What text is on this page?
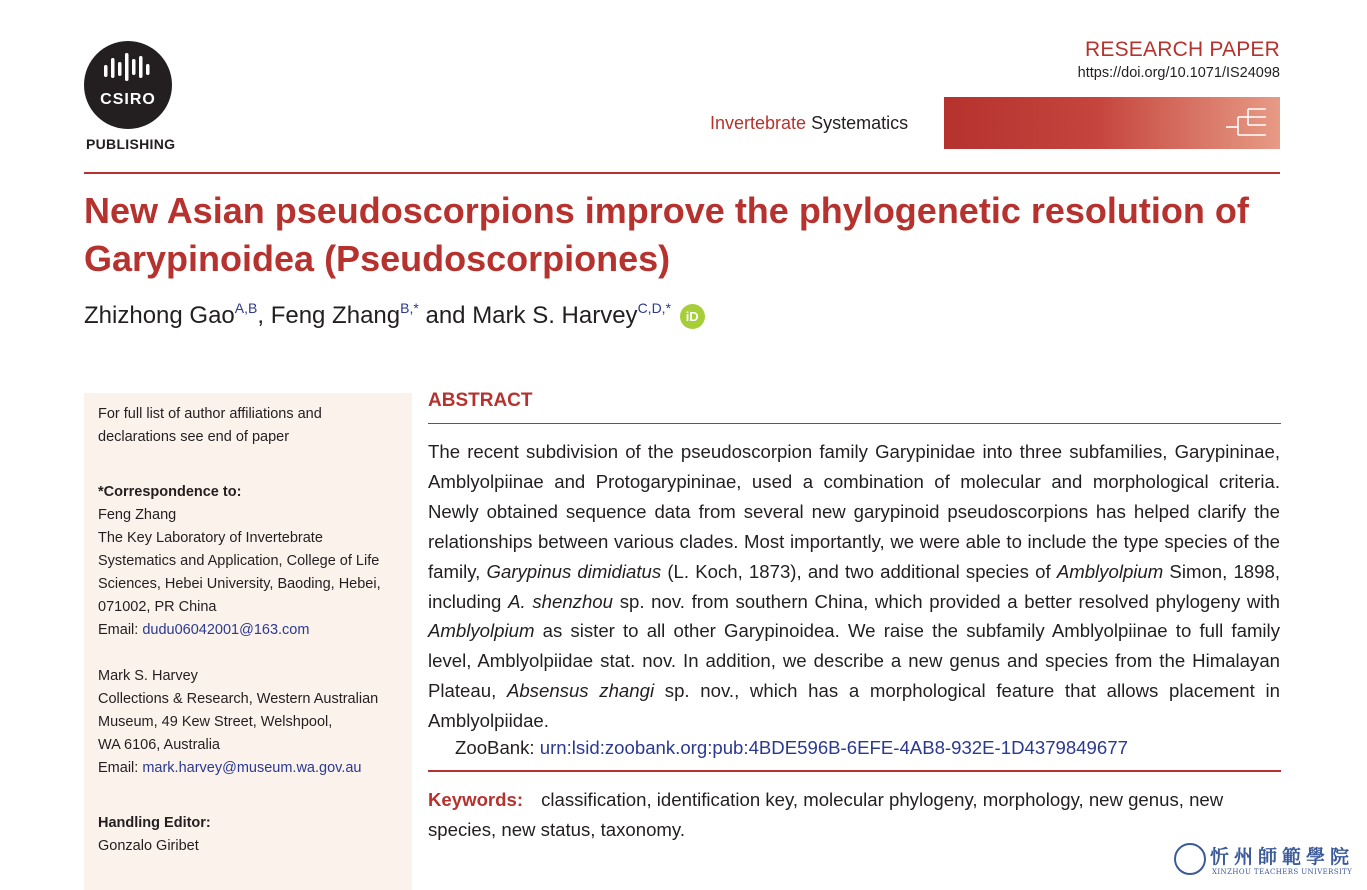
CSIRO
PUBLISHING
RESEARCH PAPER
https://doi.org/10.1071/IS24098
Invertebrate Systematics
New Asian pseudoscorpions improve the phylogenetic resolution of Garypinoidea (Pseudoscorpiones)
Zhizhong Gao$^{A,B}$, Feng Zhang$^{B,*}$ and Mark S. Harvey$^{C,D,*}$ iD

For full list of author affiliations and declarations see end of paper

*Correspondence to:

Feng Zhang

The Key Laboratory of Invertebrate

Systematics and Application, College of Life

Sciences, Hebei University, Baoding, Hebei,

071002, PR China

Email: dudu06042001@163.com

Mark S. Harvey

Collections & Research, Western Australian

Museum, 49 Kew Street, Welshpool,

WA 6106, Australia

Email: mark.harvey@museum.wa.gov.au

Handling Editor:

Gonzalo Giribet

ABSTRACT

The recent subdivision of the pseudoscorpion family Garypinidae into three subfamilies, Garypininae, Amblyolpiinae and Protogarypininae, used a combination of molecular and morphological criteria. Newly obtained sequence data from several new garypinoid pseudoscorpions has helped clarify the relationships between various clades. Most importantly, we were able to include the type species of the family, Garypinus dimidiatus (L. Koch, 1873), and two additional species of Amblyolpium Simon, 1898, including A. shenzhou sp. nov. from southern China, which provided a better resolved phylogeny with Amblyolpium as sister to all other Garypinoidea. We raise the subfamily Amblyolpiinae to full family level, Amblyolpiidae stat. nov. In addition, we describe a new genus and species from the Himalayan Plateau, Absensus zhangi sp. nov., which has a morphological feature that allows placement in Amblyolpiidae.

ZooBank: urn:lsid:zoobank.org:pub:4BDE596B-6EFE-4AB8-932E-1D4379849677

Keywords: classification, identification key, molecular phylogeny, morphology, new genus, new species, new status, taxonomy.

忻州師範學院
XINZHOU TEACHERS UNIVERSITY
